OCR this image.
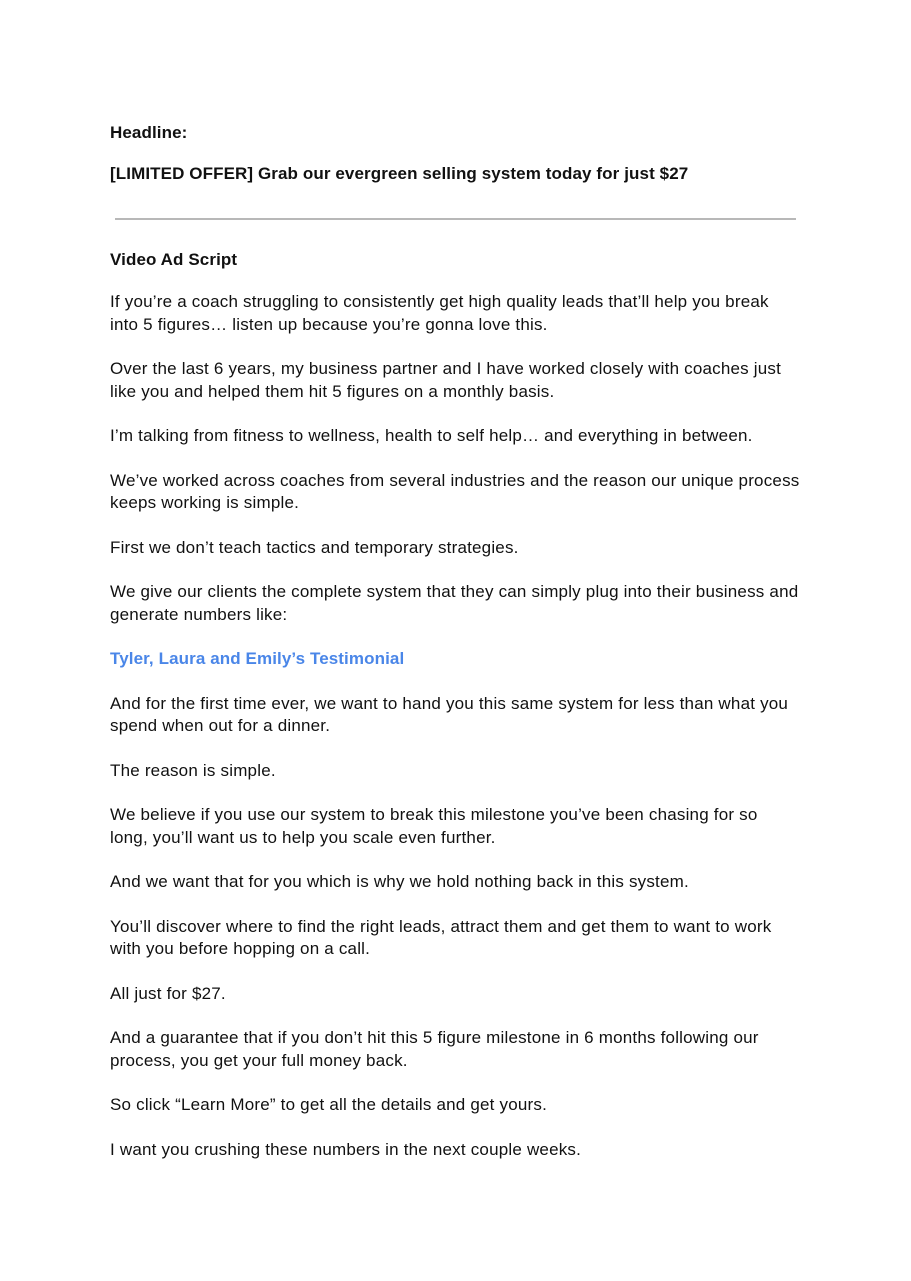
Headline:

[LIMITED OFFER] Grab our evergreen selling system today for just $27

Video Ad Script

If you’re a coach struggling to consistently get high quality leads that’ll help you break into 5 figures… listen up because you’re gonna love this.

Over the last 6 years, my business partner and I have worked closely with coaches just like you and helped them hit 5 figures on a monthly basis.

I’m talking from fitness to wellness, health to self help… and everything in between.

We’ve worked across coaches from several industries and the reason our unique process keeps working is simple.

First we don’t teach tactics and temporary strategies.

We give our clients the complete system that they can simply plug into their business and generate numbers like:

Tyler, Laura and Emily’s Testimonial

And for the first time ever, we want to hand you this same system for less than what you spend when out for a dinner.

The reason is simple.

We believe if you use our system to break this milestone you’ve been chasing for so long, you’ll want us to help you scale even further.

And we want that for you which is why we hold nothing back in this system.

You’ll discover where to find the right leads, attract them and get them to want to work with you before hopping on a call.

All just for $27.

And a guarantee that if you don’t hit this 5 figure milestone in 6 months following our process, you get your full money back.

So click “Learn More” to get all the details and get yours.

I want you crushing these numbers in the next couple weeks.
